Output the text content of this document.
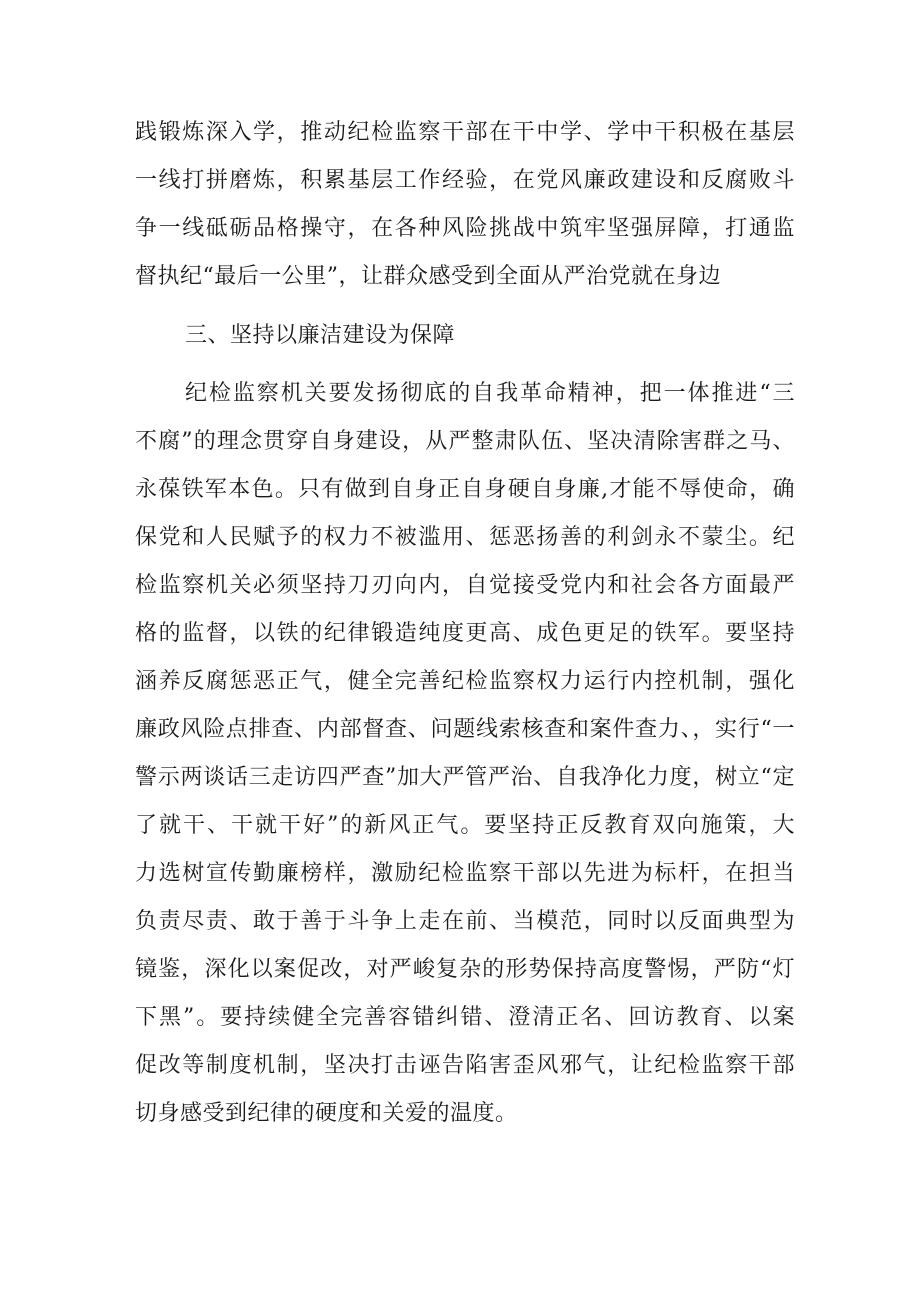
践锻炼深入学，推动纪检监察干部在干中学、学中干积极在基层
一线打拼磨炼，积累基层工作经验，在党风廉政建设和反腐败斗
争一线砥砺品格操守，在各种风险挑战中筑牢坚强屏障，打通监
督执纪“最后一公里”，让群众感受到全面从严治党就在身边
三、坚持以廉洁建设为保障
纪检监察机关要发扬彻底的自我革命精神，把一体推进“三
不腐”的理念贯穿自身建设，从严整肃队伍、坚决清除害群之马、
永葆铁军本色。只有做到自身正自身硬自身廉,才能不辱使命，确
保党和人民赋予的权力不被滥用、惩恶扬善的利剑永不蒙尘。纪
检监察机关必须坚持刀刃向内，自觉接受党内和社会各方面最严
格的监督，以铁的纪律锻造纯度更高、成色更足的铁军。要坚持
涵养反腐惩恶正气，健全完善纪检监察权力运行内控机制，强化
廉政风险点排查、内部督查、问题线索核查和案件查力、，实行“一
警示两谈话三走访四严查”加大严管严治、自我净化力度，树立“定
了就干、干就干好”的新风正气。要坚持正反教育双向施策，大
力选树宣传勤廉榜样，激励纪检监察干部以先进为标杆，在担当
负责尽责、敢于善于斗争上走在前、当模范，同时以反面典型为
镜鉴，深化以案促改，对严峻复杂的形势保持高度警惕，严防“灯
下黑”。要持续健全完善容错纠错、澄清正名、回访教育、以案
促改等制度机制，坚决打击诬告陷害歪风邪气，让纪检监察干部
切身感受到纪律的硬度和关爱的温度。
